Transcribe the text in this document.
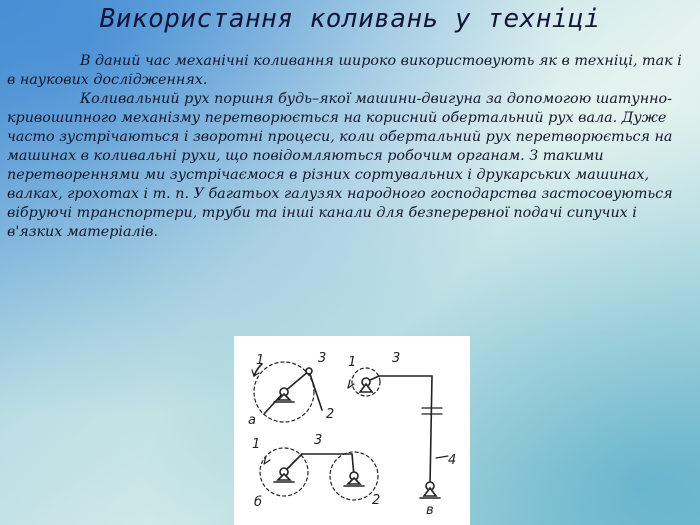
Використання коливань у техніці

В даний час механічні коливання широко використовують як в техніці, так і в наукових дослідженнях.

Коливальний рух поршня будь–якої машини-двигуна за допомогою шатунно-кривошипного механізму перетворюється на корисний обертальний рух вала. Дуже часто зустрічаються і зворотні процеси, коли обертальний рух перетворюється на машинах в коливальні рухи, що повідомляються робочим органам. З такими перетвореннями ми зустрічаємося в різних сортувальних і друкарських машинах, валках, грохотах і т. п. У багатьох галузях народного господарства застосовуються вібруючі транспортери, труби та інші канали для безперервної подачі сипучих і в'язких матеріалів.

1	3
2
а
1	3
2
б
1	3
4
в
